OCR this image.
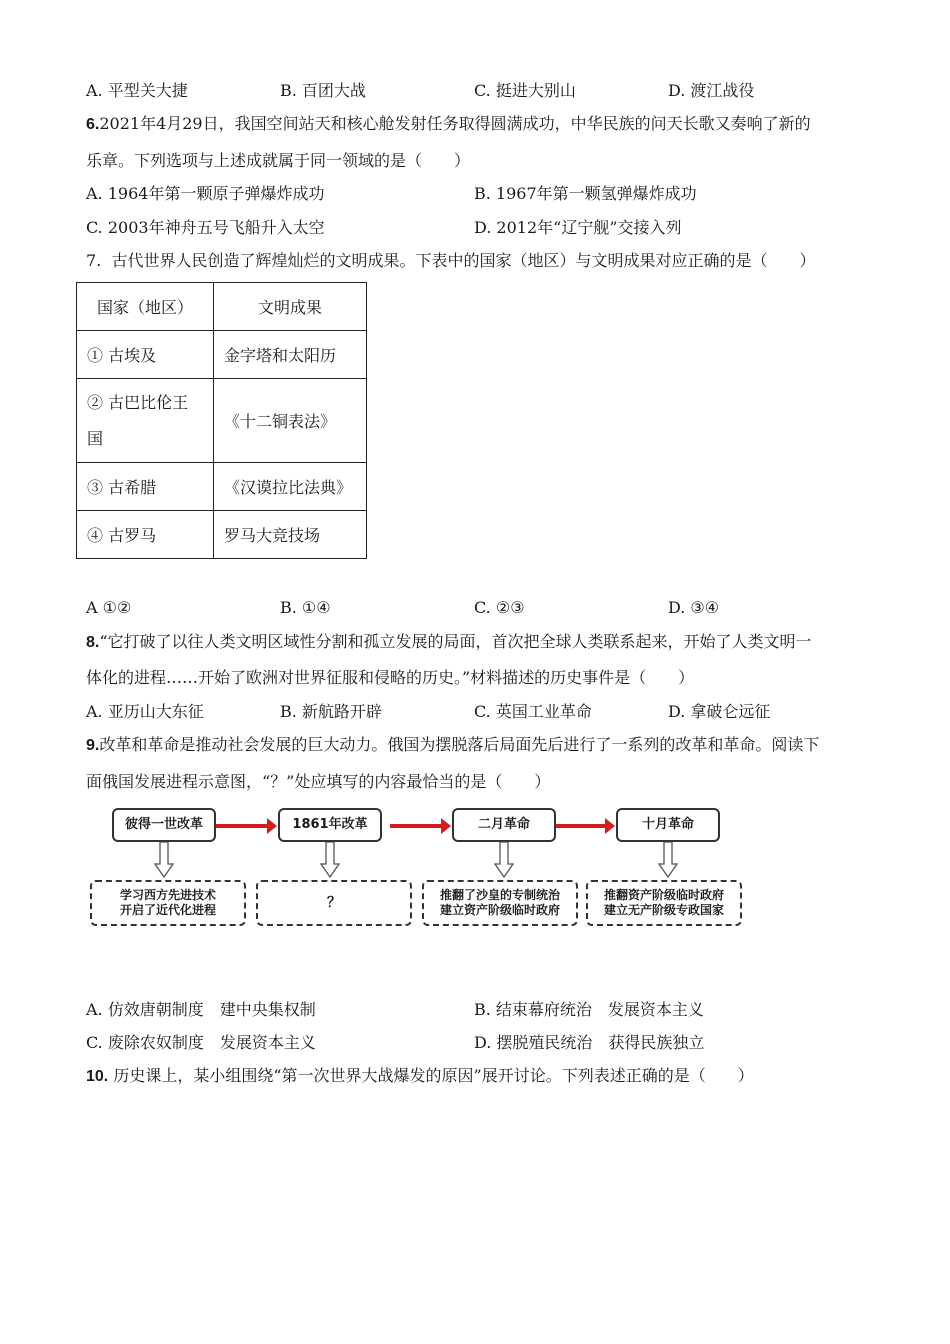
A. 平型关大捷	B. 百团大战	C. 挺进大别山	D. 渡江战役
6.2021年4月29日，我国空间站天和核心舱发射任务取得圆满成功，中华民族的问天长歌又奏响了新的
乐章。下列选项与上述成就属于同一领域的是（　　）
A. 1964年第一颗原子弹爆炸成功	B. 1967年第一颗氢弹爆炸成功
C. 2003年神舟五号飞船升入太空	D. 2012年“辽宁舰”交接入列
7. 古代世界人民创造了辉煌灿烂的文明成果。下表中的国家（地区）与文明成果对应正确的是（　　）
国家（地区）	文明成果
① 古埃及	金字塔和太阳历
② 古巴比伦王国	《十二铜表法》
③ 古希腊	《汉谟拉比法典》
④ 古罗马	罗马大竞技场
A ①②	B. ①④	C. ②③	D. ③④
8.“它打破了以往人类文明区域性分割和孤立发展的局面，首次把全球人类联系起来，开始了人类文明一
体化的进程……开始了欧洲对世界征服和侵略的历史。”材料描述的历史事件是（　　）
A. 亚历山大东征	B. 新航路开辟	C. 英国工业革命	D. 拿破仑远征
9.改革和革命是推动社会发展的巨大动力。俄国为摆脱落后局面先后进行了一系列的改革和革命。阅读下
面俄国发展进程示意图，“？”处应填写的内容最恰当的是（　　）
彼得一世改革	1861年改革	二月革命	十月革命
学习西方先进技术
开启了近代化进程	？	推翻了沙皇的专制统治
建立资产阶级临时政府
推翻资产阶级临时政府
建立无产阶级专政国家
A. 仿效唐朝制度　建中央集权制	B. 结束幕府统治　发展资本主义
C. 废除农奴制度　发展资本主义	D. 摆脱殖民统治　获得民族独立
10. 历史课上，某小组围绕“第一次世界大战爆发的原因”展开讨论。下列表述正确的是（　　）
